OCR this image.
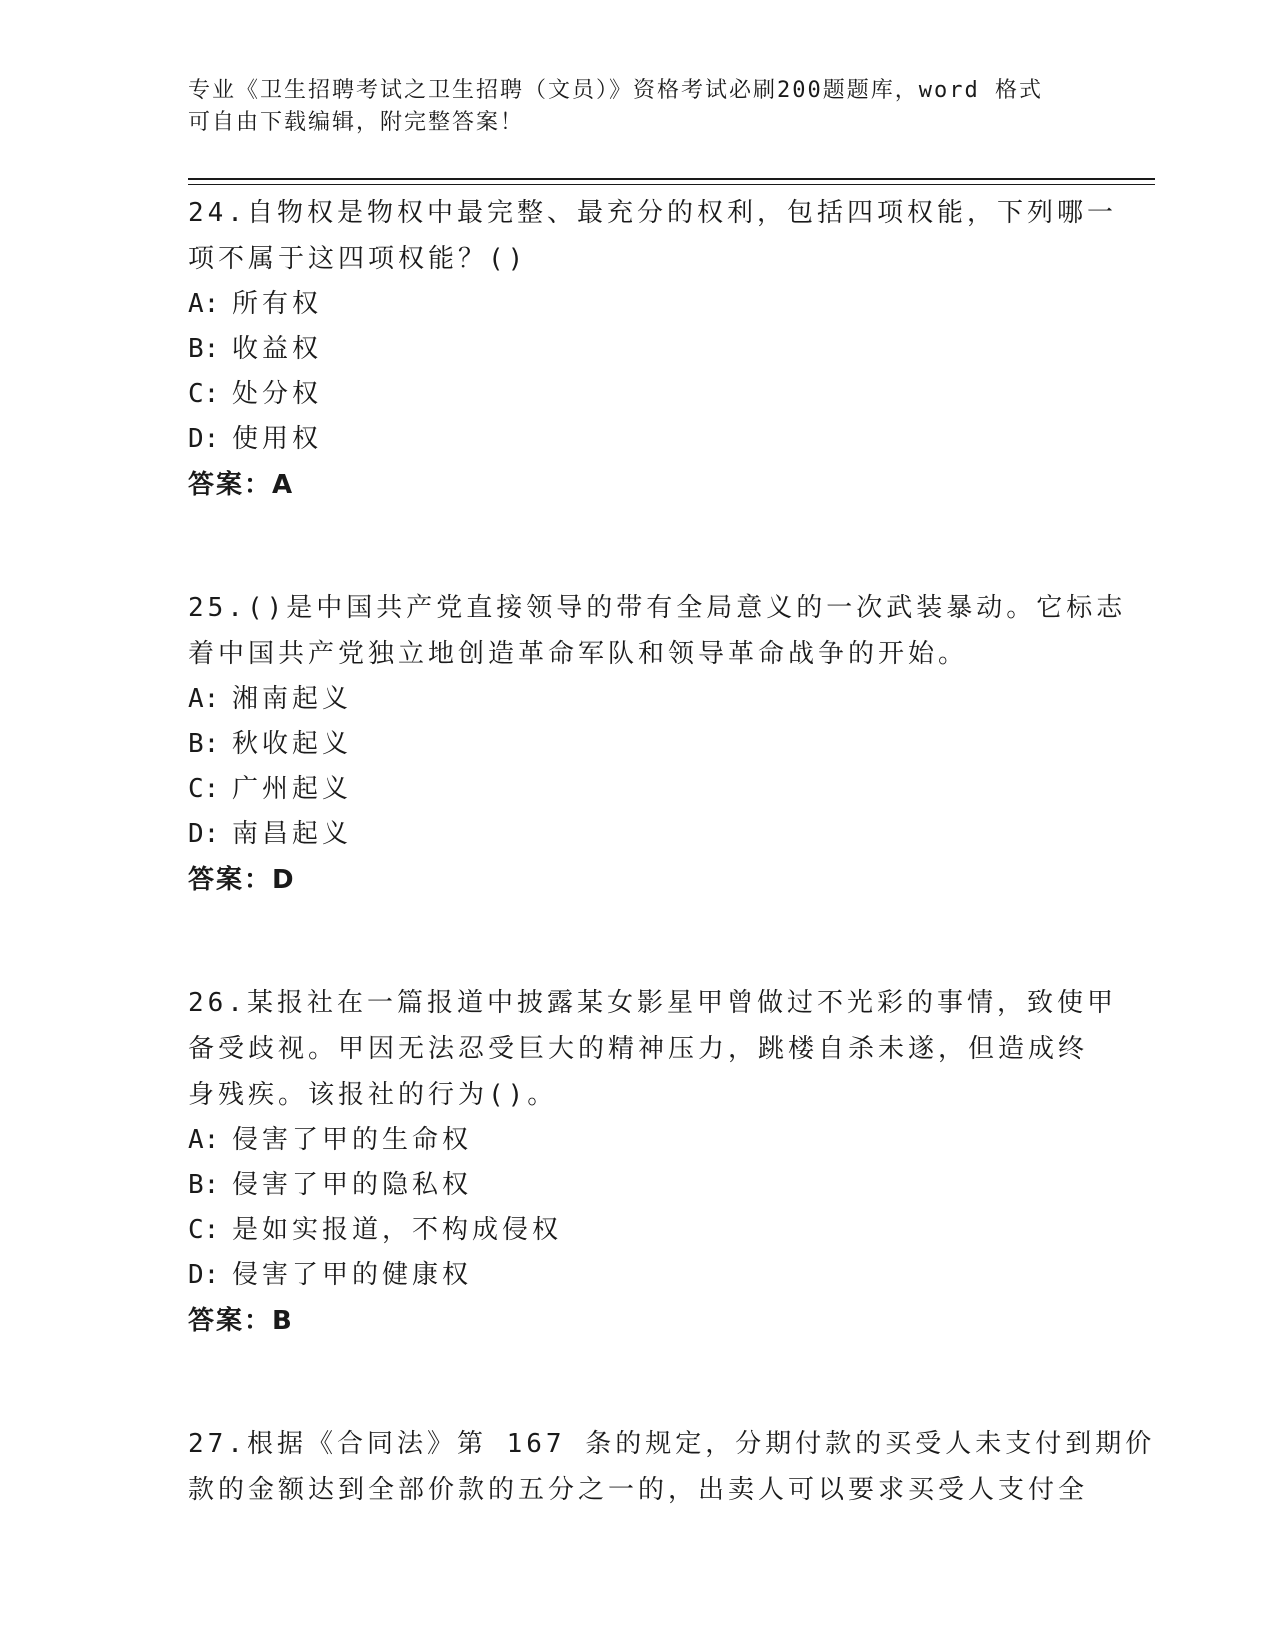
专业《卫生招聘考试之卫生招聘（文员）》资格考试必刷200题题库，word 格式
可自由下载编辑，附完整答案！
24.自物权是物权中最完整、最充分的权利，包括四项权能，下列哪一
项不属于这四项权能？()
A: 所有权
B: 收益权
C: 处分权
D: 使用权
答案：A
25.()是中国共产党直接领导的带有全局意义的一次武装暴动。它标志
着中国共产党独立地创造革命军队和领导革命战争的开始。
A: 湘南起义
B: 秋收起义
C: 广州起义
D: 南昌起义
答案：D
26.某报社在一篇报道中披露某女影星甲曾做过不光彩的事情，致使甲
备受歧视。甲因无法忍受巨大的精神压力，跳楼自杀未遂，但造成终
身残疾。该报社的行为()。
A: 侵害了甲的生命权
B: 侵害了甲的隐私权
C: 是如实报道，不构成侵权
D: 侵害了甲的健康权
答案：B
27.根据《合同法》第 167 条的规定，分期付款的买受人未支付到期价
款的金额达到全部价款的五分之一的，出卖人可以要求买受人支付全
